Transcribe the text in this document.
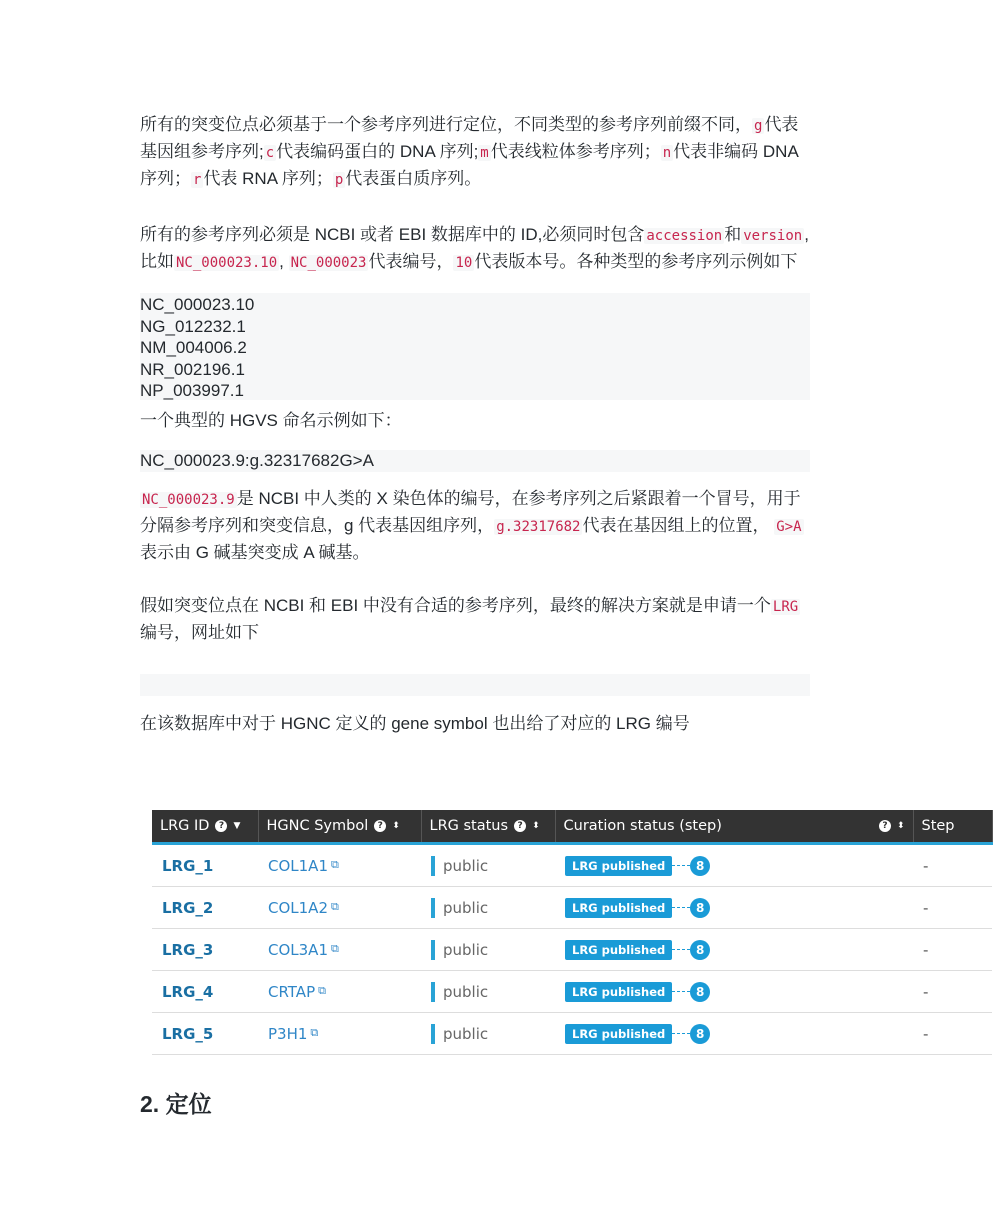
所有的突变位点必须基于一个参考序列进行定位，不同类型的参考序列前缀不同， g 代表基因组参考序列; c 代表编码蛋白的 DNA 序列; m 代表线粒体参考序列； n 代表非编码 DNA 序列； r 代表 RNA 序列； p 代表蛋白质序列。

所有的参考序列必须是 NCBI 或者 EBI 数据库中的 ID,必须同时包含 accession 和 version , 比如 NC_000023.10 , NC_000023 代表编号， 10 代表版本号。各种类型的参考序列示例如下

NC_000023.10
NG_012232.1
NM_004006.2
NR_002196.1
NP_003997.1

一个典型的 HGVS 命名示例如下：

NC_000023.9:g.32317682G>A

NC_000023.9 是 NCBI 中人类的 X 染色体的编号，在参考序列之后紧跟着一个冒号，用于分隔参考序列和突变信息，g 代表基因组序列， g.32317682 代表在基因组上的位置， G>A表示由 G 碱基突变成 A 碱基。

假如突变位点在 NCBI 和 EBI 中没有合适的参考序列，最终的解决方案就是申请一个 LRG编号，网址如下

在该数据库中对于 HGNC 定义的 gene symbol 也出给了对应的 LRG 编号

LRG ID ? ▼	HGNC Symbol ? ⬍	LRG status ? ⬍	Curation status (step) ? ⬍	Step
LRG_1	COL1A1 ⧉	public	LRG published 8	-
LRG_2	COL1A2 ⧉	public	LRG published 8	-
LRG_3	COL3A1 ⧉	public	LRG published 8	-
LRG_4	CRTAP ⧉	public	LRG published 8	-
LRG_5	P3H1 ⧉	public	LRG published 8	-
2. 定位
